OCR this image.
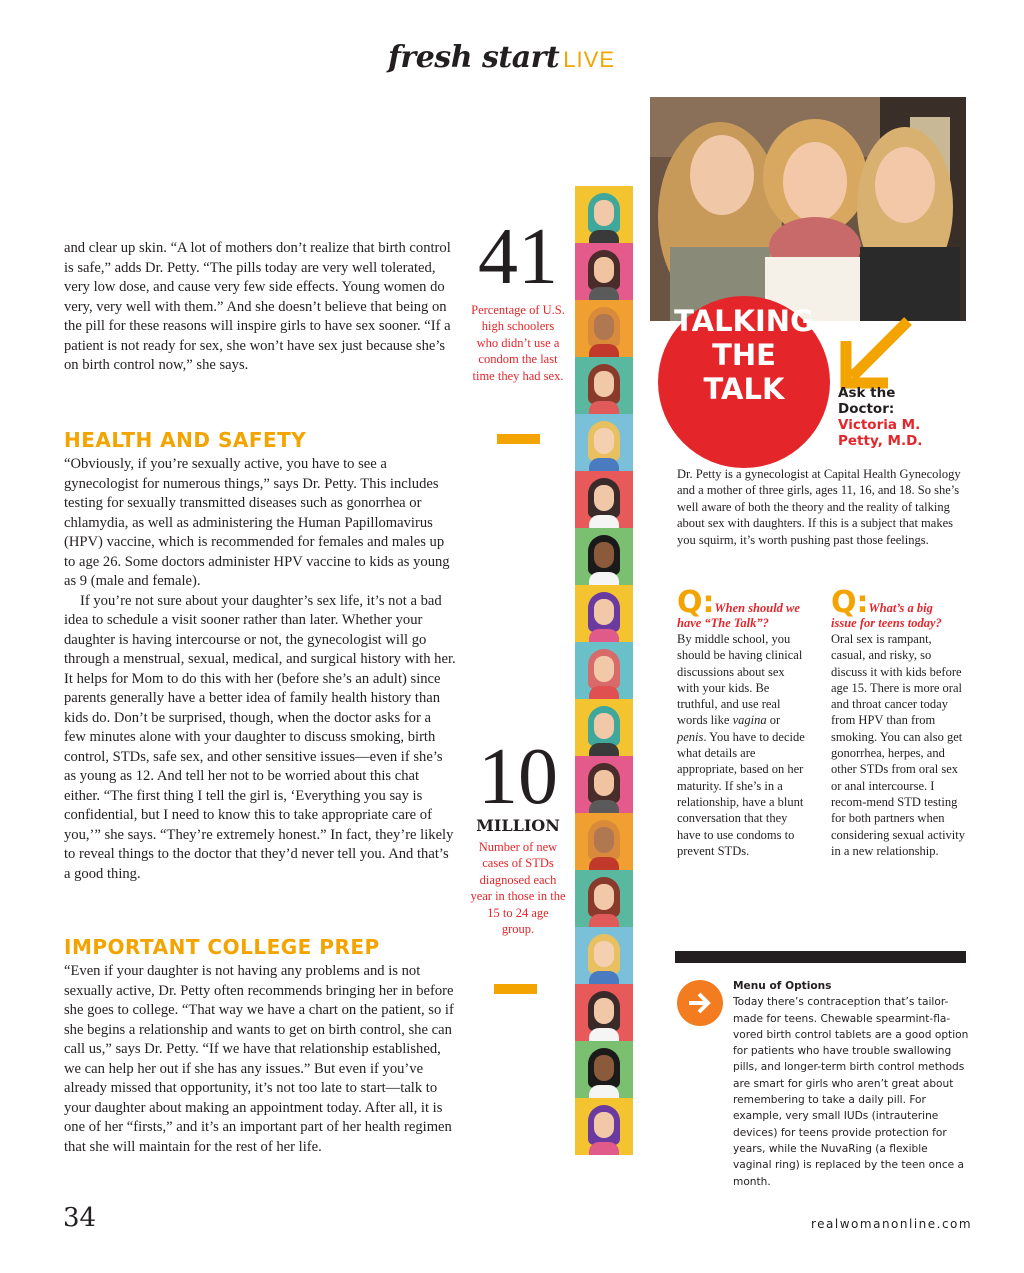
fresh start LIVE

and clear up skin. “A lot of mothers don’t realize that birth control is safe,” adds Dr. Petty. “The pills today are very well tolerated, very low dose, and cause very few side effects. Young women do very, very well with them.” And she doesn’t believe that being on the pill for these reasons will inspire girls to have sex sooner. “If a patient is not ready for sex, she won’t have sex just because she’s on birth control now,” she says.

HEALTH AND SAFETY

“Obviously, if you’re sexually active, you have to see a gynecologist for numerous things,” says Dr. Petty. This includes testing for sexually transmitted diseases such as gonorrhea or chlamydia, as well as administering the Human Papillomavirus (HPV) vaccine, which is recommended for females and males up to age 26. Some doctors administer HPV vaccine to kids as young as 9 (male and female).

If you’re not sure about your daughter’s sex life, it’s not a bad idea to schedule a visit sooner rather than later. Whether your daughter is having intercourse or not, the gynecologist will go through a menstrual, sexual, medical, and surgical history with her. It helps for Mom to do this with her (before she’s an adult) since parents generally have a better idea of family health history than kids do. Don’t be surprised, though, when the doctor asks for a few minutes alone with your daughter to discuss smoking, birth control, STDs, safe sex, and other sensitive issues—even if she’s as young as 12. And tell her not to be worried about this chat either. “The first thing I tell the girl is, ‘Everything you say is confidential, but I need to know this to take appropriate care of you,’” she says. “They’re extremely honest.” In fact, they’re likely to reveal things to the doctor that they’d never tell you. And that’s a good thing.

IMPORTANT COLLEGE PREP

“Even if your daughter is not having any problems and is not sexually active, Dr. Petty often recommends bringing her in before she goes to college. “That way we have a chart on the patient, so if she begins a relationship and wants to get on birth control, she can call us,” says Dr. Petty. “If we have that relationship established, we can help her out if she has any issues.” But even if you’ve already missed that opportunity, it’s not too late to start—talk to your daughter about making an appointment today. After all, it is one of her “firsts,” and it’s an important part of her health regimen that she will maintain for the rest of her life.

41
Percentage of U.S. high schoolers who didn’t use a condom the last time they had sex.
10
MILLION
Number of new cases of STDs diagnosed each year in those in the 15 to 24 age group.
TALKING
THE
TALK	Ask the
Doctor:
Victoria M.
Petty, M.D.
Dr. Petty is a gynecologist at Capital Health Gynecology and a mother of three girls, ages 11, 16, and 18. So she’s well aware of both the theory and the reality of talking about sex with daughters. If this is a subject that makes you squirm, it’s worth pushing past those feelings.
Q:When should we
have “The Talk”?

By middle school, you should be having clinical discussions about sex with your kids. Be truthful, and use real words like vagina or penis. You have to decide what details are appropriate, based on her maturity. If she’s in a relationship, have a blunt conversation that they have to use condoms to prevent STDs.

Q:What’s a big
issue for teens today?

Oral sex is rampant, casual, and risky, so discuss it with kids before age 15. There is more oral and throat cancer today from HPV than from smoking. You can also get gonorrhea, herpes, and other STDs from oral sex or anal intercourse. I recom-mend STD testing for both partners when considering sexual activity in a new relationship.

Menu of Options
Today there’s contraception that’s tailor-made for teens. Chewable spearmint-fla-vored birth control tablets are a good option for patients who have trouble swallowing pills, and longer-term birth control methods are smart for girls who aren’t great about remembering to take a daily pill. For example, very small IUDs (intrauterine devices) for teens provide protection for years, while the NuvaRing (a flexible vaginal ring) is replaced by the teen once a month.
34	realwomanonline.com
